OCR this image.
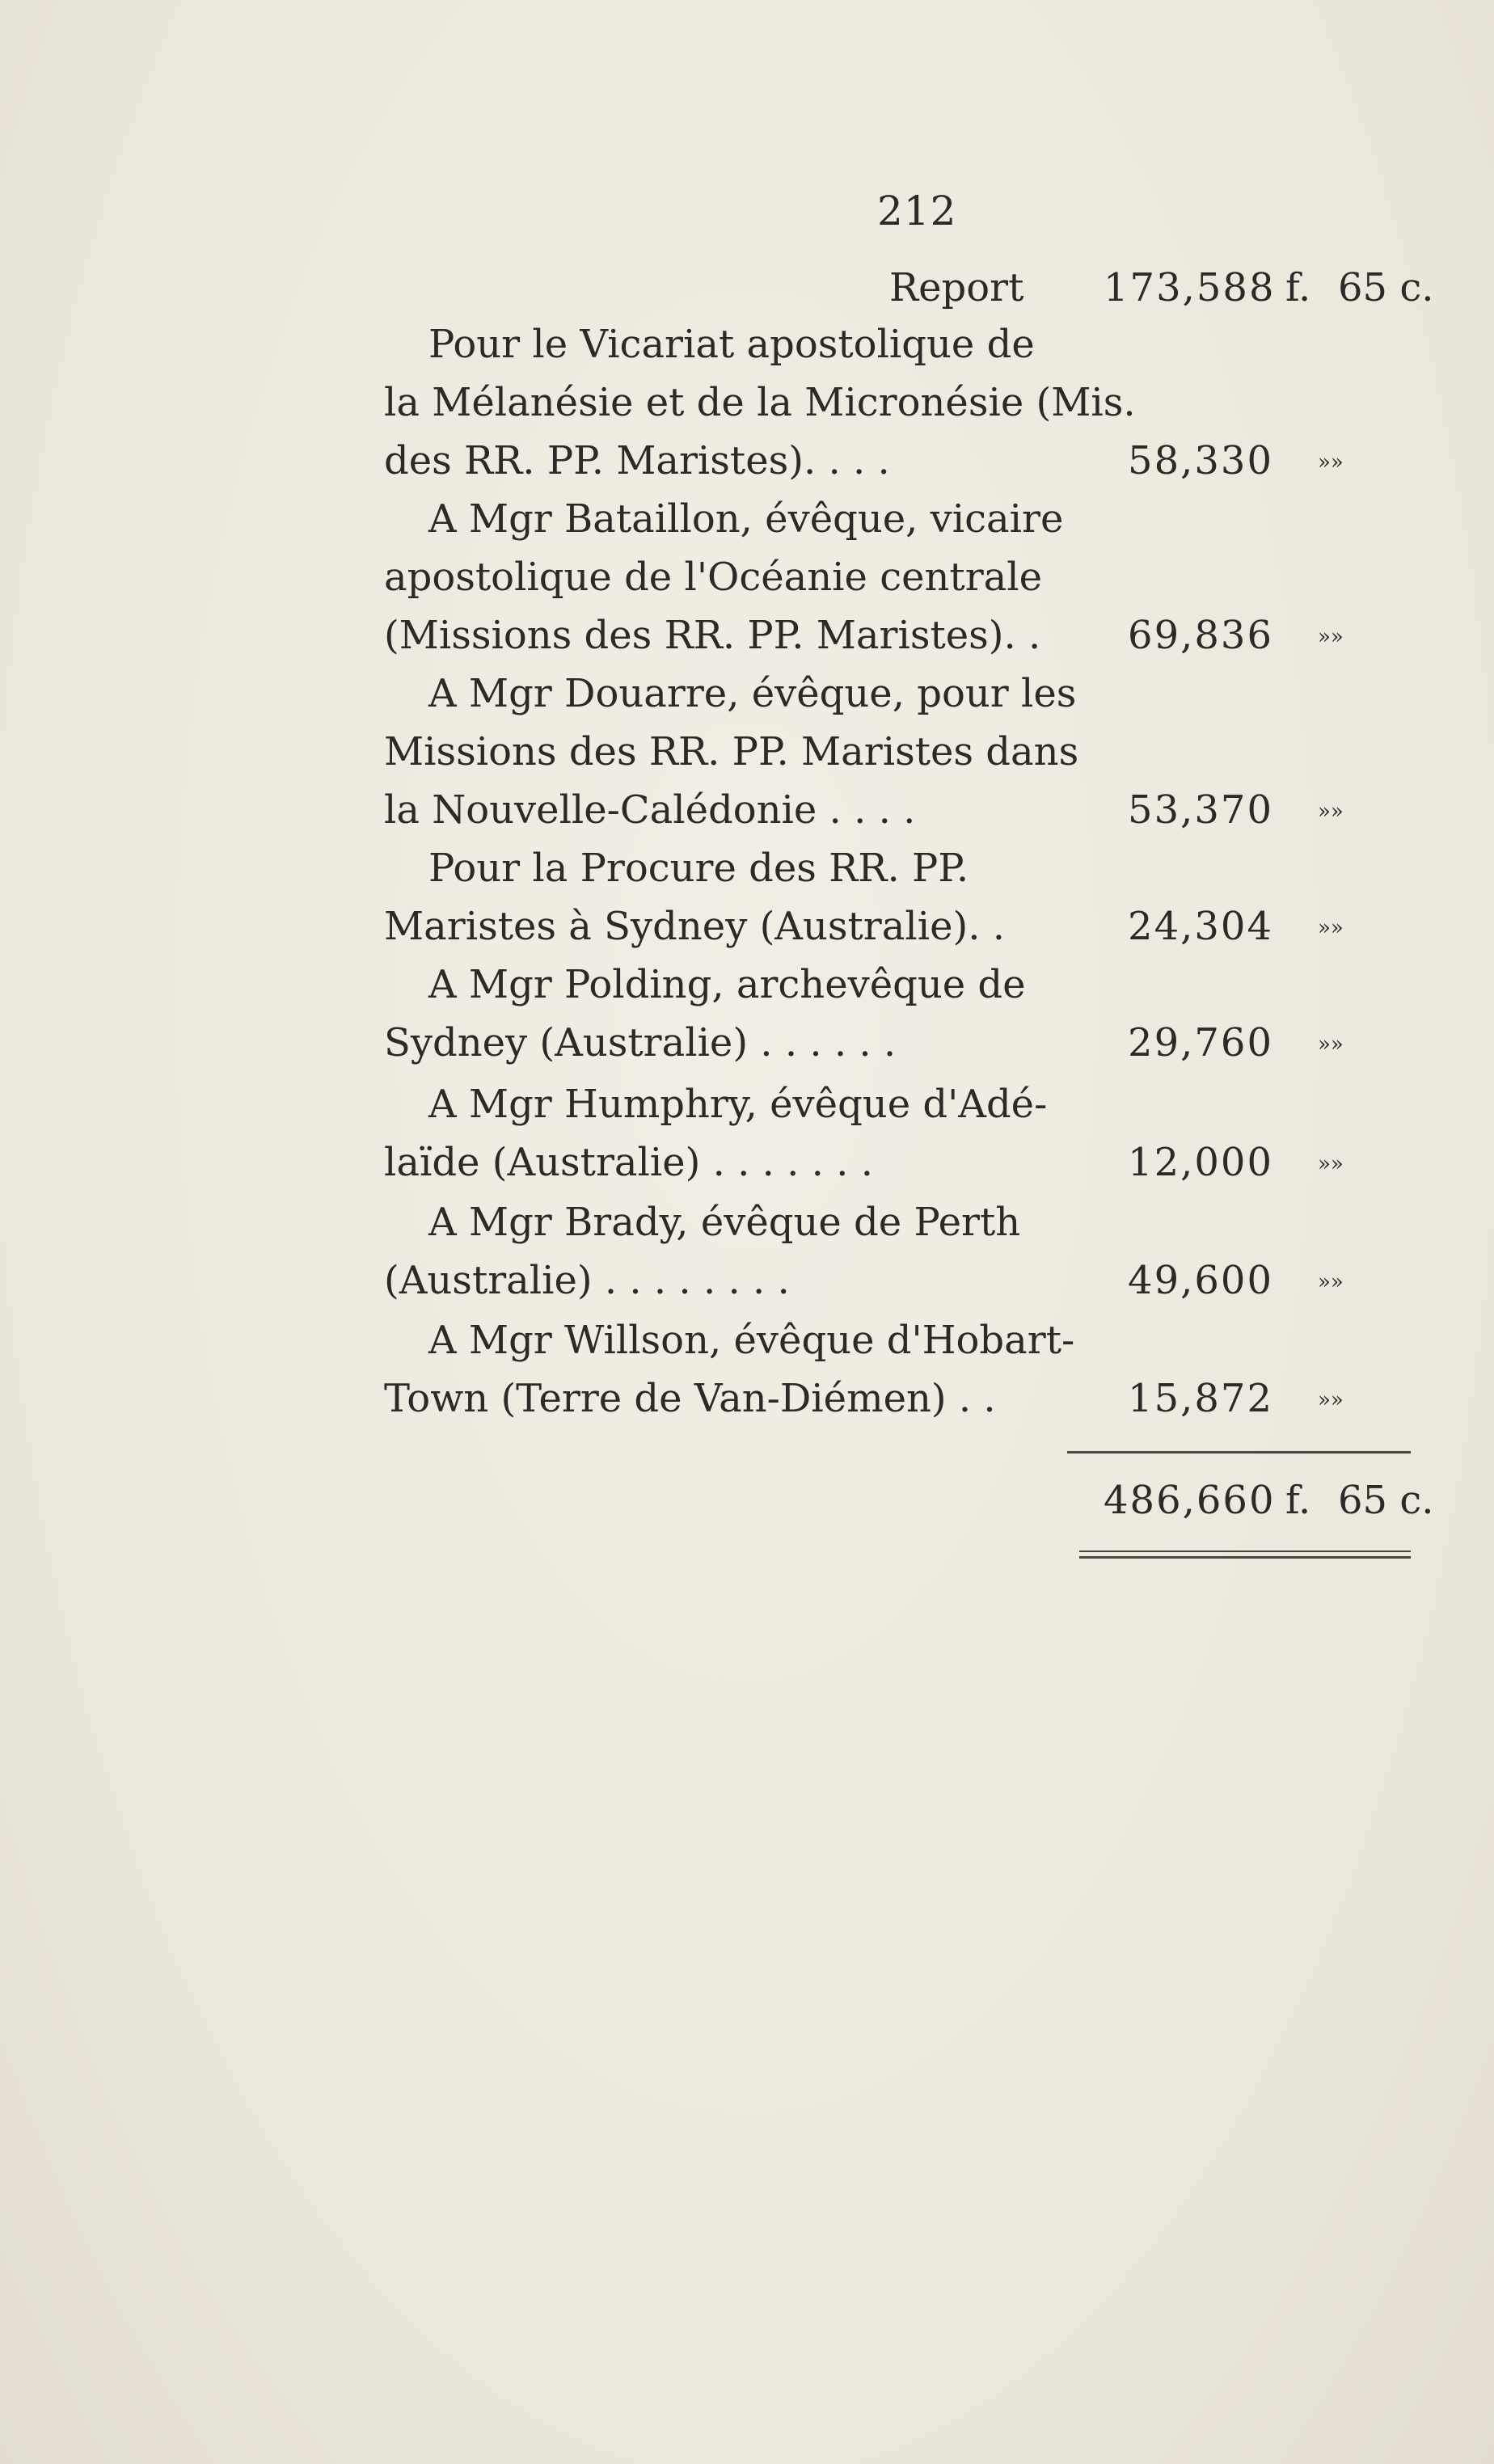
212
Report 173,588 f. 65 c.
Pour le Vicariat apostolique de
la Mélanésie et de la Micronésie (Mis.
des RR. PP. Maristes). . . .	58,330 »»
A Mgr Bataillon, évêque, vicaire
apostolique de l'Océanie centrale
(Missions des RR. PP. Maristes). .	69,836 »»
A Mgr Douarre, évêque, pour les
Missions des RR. PP. Maristes dans
la Nouvelle-Calédonie . . . .	53,370 »»
Pour la Procure des RR. PP.
Maristes à Sydney (Australie). .	24,304 »»
A Mgr Polding, archevêque de
Sydney (Australie) . . . . . .	29,760 »»
A Mgr Humphry, évêque d'Adé-
laïde (Australie) . . . . . . .	12,000 »»
A Mgr Brady, évêque de Perth
(Australie) . . . . . . . .	49,600 »»
A Mgr Willson, évêque d'Hobart-
Town (Terre de Van-Diémen) . .	15,872 »»
486,660 f. 65 c.
